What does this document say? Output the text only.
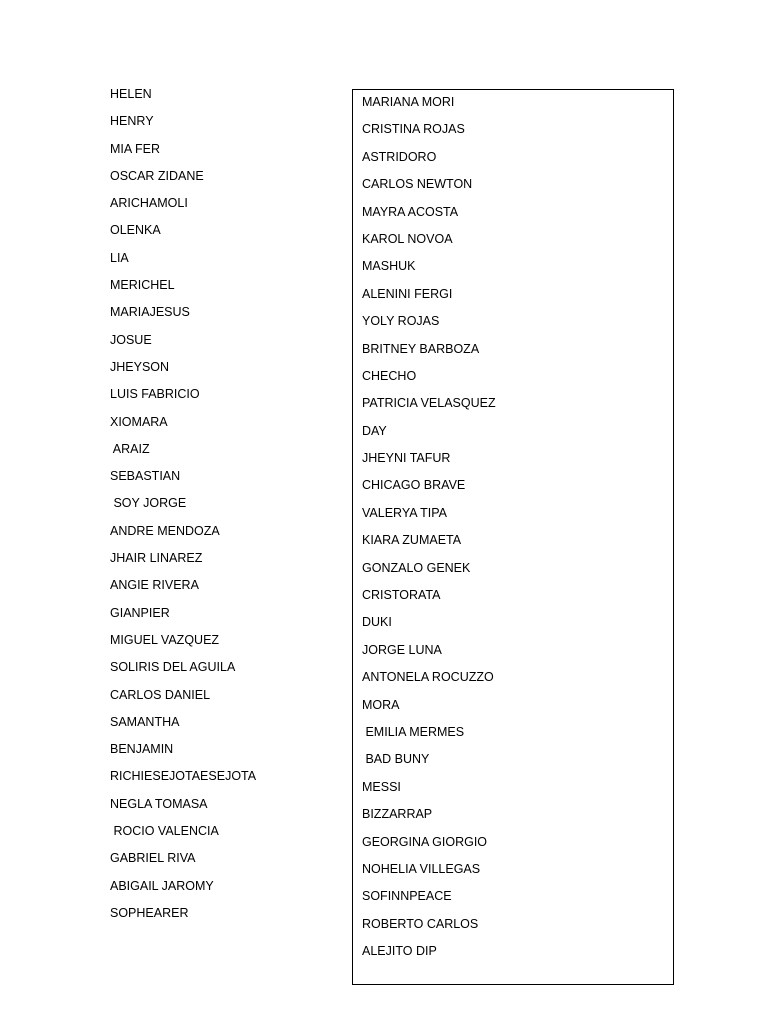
HELEN
HENRY
MIA FER
OSCAR ZIDANE
ARICHAMOLI
OLENKA
LIA
MERICHEL
MARIAJESUS
JOSUE
JHEYSON
LUIS FABRICIO
XIOMARA
ARAIZ
SEBASTIAN
SOY JORGE
ANDRE MENDOZA
JHAIR LINAREZ
ANGIE RIVERA
GIANPIER
MIGUEL VAZQUEZ
SOLIRIS DEL AGUILA
CARLOS DANIEL
SAMANTHA
BENJAMIN
RICHIESEJOTAESEJOTA
NEGLA TOMASA
ROCIO VALENCIA
GABRIEL RIVA
ABIGAIL JAROMY
SOPHEARER
MARIANA MORI
CRISTINA ROJAS
ASTRIDORO
CARLOS NEWTON
MAYRA ACOSTA
KAROL NOVOA
MASHUK
ALENINI FERGI
YOLY ROJAS
BRITNEY BARBOZA
CHECHO
PATRICIA VELASQUEZ
DAY
JHEYNI TAFUR
CHICAGO BRAVE
VALERYA TIPA
KIARA ZUMAETA
GONZALO GENEK
CRISTORATA
DUKI
JORGE LUNA
ANTONELA ROCUZZO
MORA
EMILIA MERMES
BAD BUNY
MESSI
BIZZARRAP
GEORGINA GIORGIO
NOHELIA VILLEGAS
SOFINNPEACE
ROBERTO CARLOS
ALEJITO DIP
